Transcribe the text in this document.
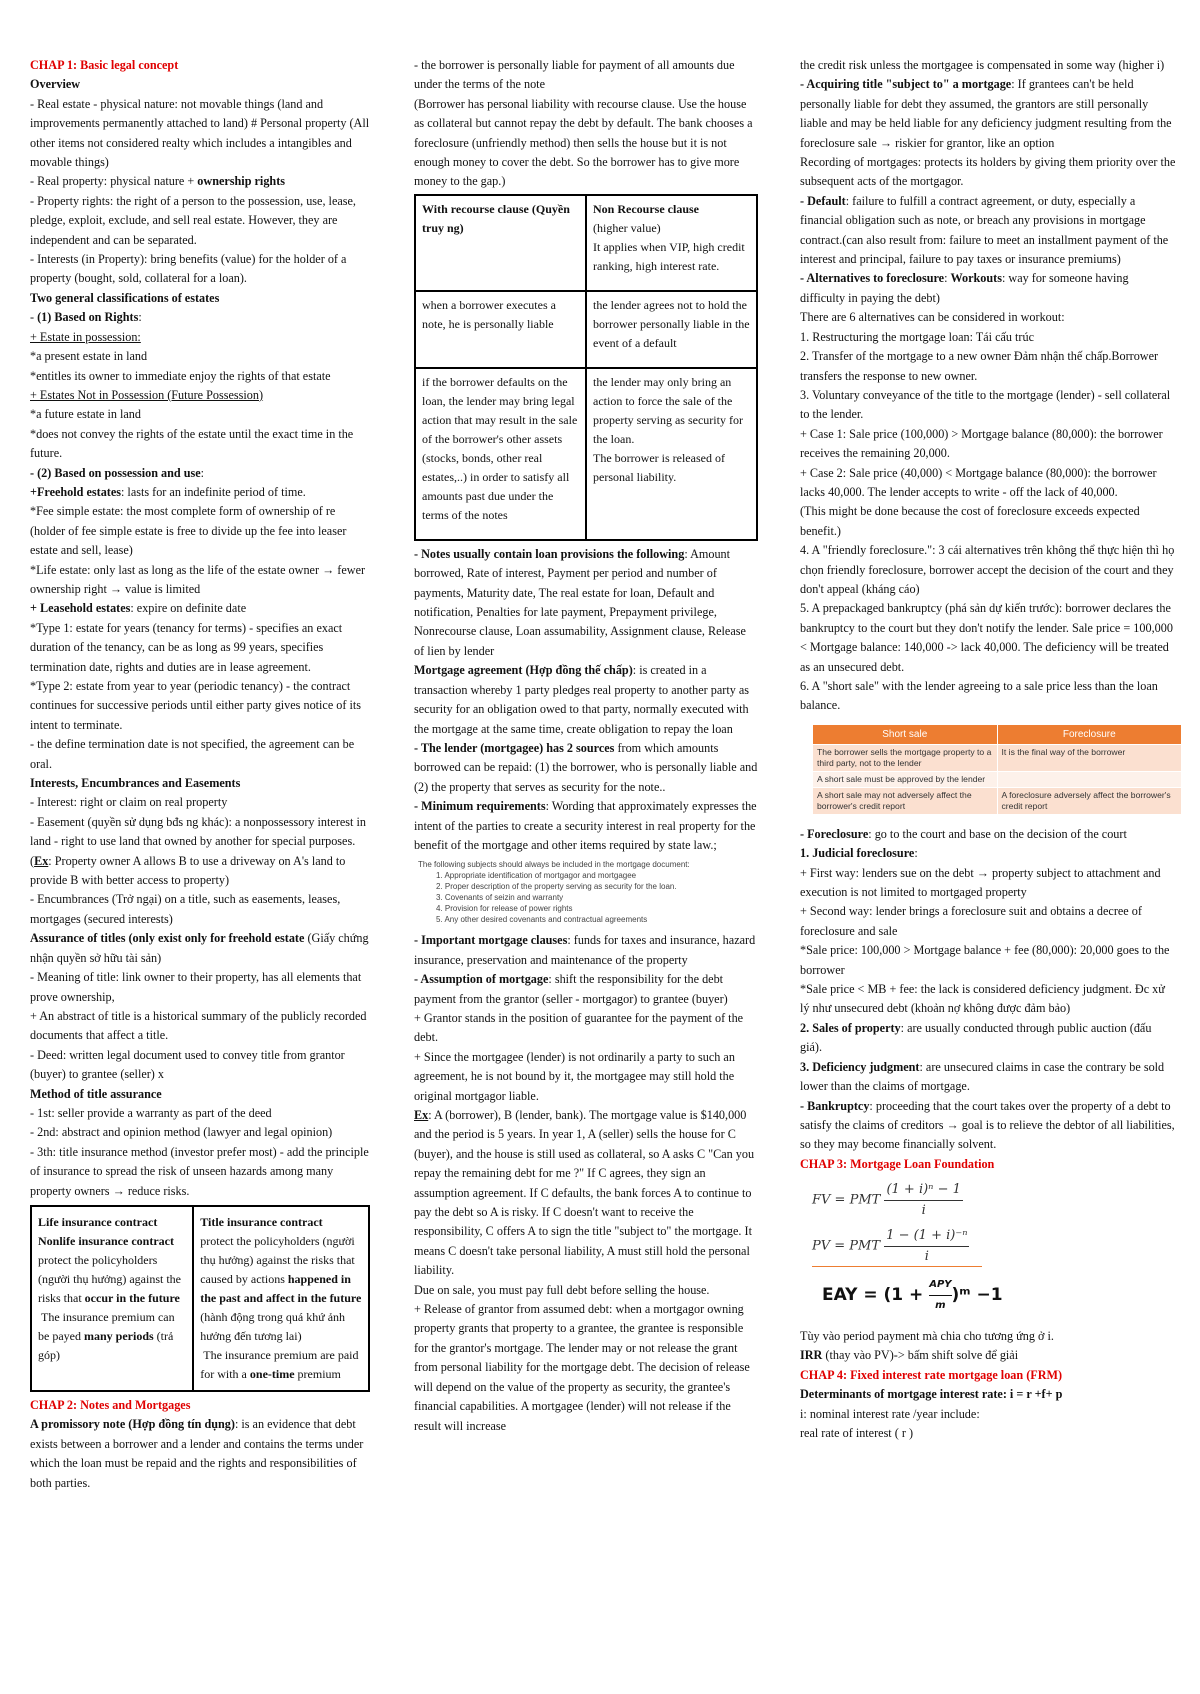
CHAP 1: Basic legal concept

Overview

- Real estate - physical nature: not movable things (land and improvements permanently attached to land) # Personal property (All other items not considered realty which includes a intangibles and movable things)

- Real property: physical nature + ownership rights

- Property rights: the right of a person to the possession, use, lease, pledge, exploit, exclude, and sell real estate. However, they are independent and can be separated.

- Interests (in Property): bring benefits (value) for the holder of a property (bought, sold, collateral for a loan).

Two general classifications of estates

- (1) Based on Rights:

+ Estate in possession:

*a present estate in land

*entitles its owner to immediate enjoy the rights of that estate

+ Estates Not in Possession (Future Possession)

*a future estate in land

*does not convey the rights of the estate until the exact time in the future.

- (2) Based on possession and use:

+Freehold estates: lasts for an indefinite period of time.

*Fee simple estate: the most complete form of ownership of re (holder of fee simple estate is free to divide up the fee into leaser estate and sell, lease)

*Life estate: only last as long as the life of the estate owner → fewer ownership right → value is limited

+ Leasehold estates: expire on definite date

*Type 1: estate for years (tenancy for terms) - specifies an exact duration of the tenancy, can be as long as 99 years, specifies termination date, rights and duties are in lease agreement.

*Type 2: estate from year to year (periodic tenancy) - the contract continues for successive periods until either party gives notice of its intent to terminate.

- the define termination date is not specified, the agreement can be oral.

Interests, Encumbrances and Easements

- Interest: right or claim on real property

- Easement (quyền sử dụng bđs ng khác): a nonpossessory interest in land - right to use land that owned by another for special purposes.

(Ex: Property owner A allows B to use a driveway on A's land to provide B with better access to property)

- Encumbrances (Trở ngại) on a title, such as easements, leases, mortgages (secured interests)

Assurance of titles (only exist only for freehold estate (Giấy chứng nhận quyền sở hữu tài sản)

- Meaning of title: link owner to their property, has all elements that prove ownership,

+ An abstract of title is a historical summary of the publicly recorded documents that affect a title.

- Deed: written legal document used to convey title from grantor (buyer) to grantee (seller) x

Method of title assurance

- 1st: seller provide a warranty as part of the deed

- 2nd: abstract and opinion method (lawyer and legal opinion)

- 3th: title insurance method (investor prefer most) - add the principle of insurance to spread the risk of unseen hazards among many property owners → reduce risks.

Life insurance contract
Nonlife insurance contract
protect the policyholders (người thụ hưởng) against the risks that occur in the future
The insurance premium can be payed many periods (trả góp)	Title insurance contract
protect the policyholders (người thụ hưởng) against the risks that caused by actions happened in the past and affect in the future (hành động trong quá khứ ảnh hưởng đến tương lai)
The insurance premium are paid for with a one-time premium

CHAP 2: Notes and Mortgages

A promissory note (Hợp đồng tín dụng): is an evidence that debt exists between a borrower and a lender and contains the terms under which the loan must be repaid and the rights and responsibilities of both parties.

- the borrower is personally liable for payment of all amounts due under the terms of the note

(Borrower has personal liability with recourse clause. Use the house as collateral but cannot repay the debt by default. The bank chooses a foreclosure (unfriendly method) then sells the house but it is not enough money to cover the debt. So the borrower has to give more money to the gap.)

With recourse clause (Quyền truy ng)	Non Recourse clause
(higher value)
It applies when VIP, high credit ranking, high interest rate.
when a borrower executes a note, he is personally liable	the lender agrees not to hold the borrower personally liable in the event of a default
if the borrower defaults on the loan, the lender may bring legal action that may result in the sale of the borrower's other assets (stocks, bonds, other real estates,..) in order to satisfy all amounts past due under the terms of the notes	the lender may only bring an action to force the sale of the property serving as security for the loan.
The borrower is released of personal liability.

- Notes usually contain loan provisions the following: Amount borrowed, Rate of interest, Payment per period and number of payments, Maturity date, The real estate for loan, Default and notification, Penalties for late payment, Prepayment privilege, Nonrecourse clause, Loan assumability, Assignment clause, Release of lien by lender

Mortgage agreement (Hợp đồng thế chấp): is created in a transaction whereby 1 party pledges real property to another party as security for an obligation owed to that party, normally executed with the mortgage at the same time, create obligation to repay the loan

- The lender (mortgagee) has 2 sources from which amounts borrowed can be repaid: (1) the borrower, who is personally liable and (2) the property that serves as security for the note..

- Minimum requirements: Wording that approximately expresses the intent of the parties to create a security interest in real property for the benefit of the mortgage and other items required by state law.;

The following subjects should always be included in the mortgage document:
1. Appropriate identification of mortgagor and mortgagee
2. Proper description of the property serving as security for the loan.
3. Covenants of seizin and warranty
4. Provision for release of power rights
5. Any other desired covenants and contractual agreements

- Important mortgage clauses: funds for taxes and insurance, hazard insurance, preservation and maintenance of the property

- Assumption of mortgage: shift the responsibility for the debt payment from the grantor (seller - mortgagor) to grantee (buyer)

+ Grantor stands in the position of guarantee for the payment of the debt.

+ Since the mortgagee (lender) is not ordinarily a party to such an agreement, he is not bound by it, the mortgagee may still hold the original mortgagor liable.

Ex: A (borrower), B (lender, bank). The mortgage value is $140,000 and the period is 5 years. In year 1, A (seller) sells the house for C (buyer), and the house is still used as collateral, so A asks C "Can you repay the remaining debt for me ?" If C agrees, they sign an assumption agreement. If C defaults, the bank forces A to continue to pay the debt so A is risky. If C doesn't want to receive the responsibility, C offers A to sign the title "subject to" the mortgage. It means C doesn't take personal liability, A must still hold the personal liability.

Due on sale, you must pay full debt before selling the house.

+ Release of grantor from assumed debt: when a mortgagor owning property grants that property to a grantee, the grantee is responsible for the grantor's mortgage. The lender may or not release the grant from personal liability for the mortgage debt. The decision of release will depend on the value of the property as security, the grantee's financial capabilities. A mortgagee (lender) will not release if the result will increase

the credit risk unless the mortgagee is compensated in some way (higher i)

- Acquiring title "subject to" a mortgage: If grantees can't be held personally liable for debt they assumed, the grantors are still personally liable and may be held liable for any deficiency judgment resulting from the foreclosure sale → riskier for grantor, like an option

Recording of mortgages: protects its holders by giving them priority over the subsequent acts of the mortgagor.

- Default: failure to fulfill a contract agreement, or duty, especially a financial obligation such as note, or breach any provisions in mortgage contract.(can also result from: failure to meet an installment payment of the interest and principal, failure to pay taxes or insurance premiums)

- Alternatives to foreclosure: Workouts: way for someone having difficulty in paying the debt)

There are 6 alternatives can be considered in workout:

1. Restructuring the mortgage loan: Tái cấu trúc

2. Transfer of the mortgage to a new owner Đảm nhận thế chấp.Borrower transfers the response to new owner.

3. Voluntary conveyance of the title to the mortgage (lender) - sell collateral to the lender.

+ Case 1: Sale price (100,000) > Mortgage balance (80,000): the borrower receives the remaining 20,000.

+ Case 2: Sale price (40,000) < Mortgage balance (80,000): the borrower lacks 40,000. The lender accepts to write - off the lack of 40,000.

(This might be done because the cost of foreclosure exceeds expected benefit.)

4. A "friendly foreclosure.": 3 cái alternatives trên không thể thực hiện thì họ chọn friendly foreclosure, borrower accept the decision of the court and they don't appeal (kháng cáo)

5. A prepackaged bankruptcy (phá sản dự kiến trước): borrower declares the bankruptcy to the court but they don't notify the lender. Sale price = 100,000 < Mortgage balance: 140,000 -> lack 40,000. The deficiency will be treated as an unsecured debt.

6. A "short sale" with the lender agreeing to a sale price less than the loan balance.

Short sale	Foreclosure
The borrower sells the mortgage property to a third party, not to the lender	It is the final way of the borrower
A short sale must be approved by the lender	
A short sale may not adversely affect the borrower's credit report	A foreclosure adversely affect the borrower's credit report

- Foreclosure: go to the court and base on the decision of the court

1. Judicial foreclosure:

+ First way: lenders sue on the debt → property subject to attachment and execution is not limited to mortgaged property

+ Second way: lender brings a foreclosure suit and obtains a decree of foreclosure and sale

*Sale price: 100,000 > Mortgage balance + fee (80,000): 20,000 goes to the borrower

*Sale price < MB + fee: the lack is considered deficiency judgment. Đc xử lý như unsecured debt (khoản nợ không được đảm bảo)

2. Sales of property: are usually conducted through public auction (đấu giá).

3. Deficiency judgment: are unsecured claims in case the contrary be sold lower than the claims of mortgage.

- Bankruptcy: proceeding that the court takes over the property of a debt to satisfy the claims of creditors → goal is to relieve the debtor of all liabilities, so they may become financially solvent.

CHAP 3: Mortgage Loan Foundation

FV = PMT $\frac{\text{(1 + i)ⁿ − 1}}{i}$
PV = PMT $\frac{\text{1 − (1 + i)⁻ⁿ}}{i}$
EAY = ($1 + \frac{\text{APY}}{m}$ )ᵐ −1

Tùy vào period payment mà chia cho tương ứng ở i.

IRR (thay vào PV)-> bấm shift solve để giải

CHAP 4: Fixed interest rate mortgage loan (FRM)

Determinants of mortgage interest rate: i = r +f+ p

i: nominal interest rate /year include:

real rate of interest ( r )
